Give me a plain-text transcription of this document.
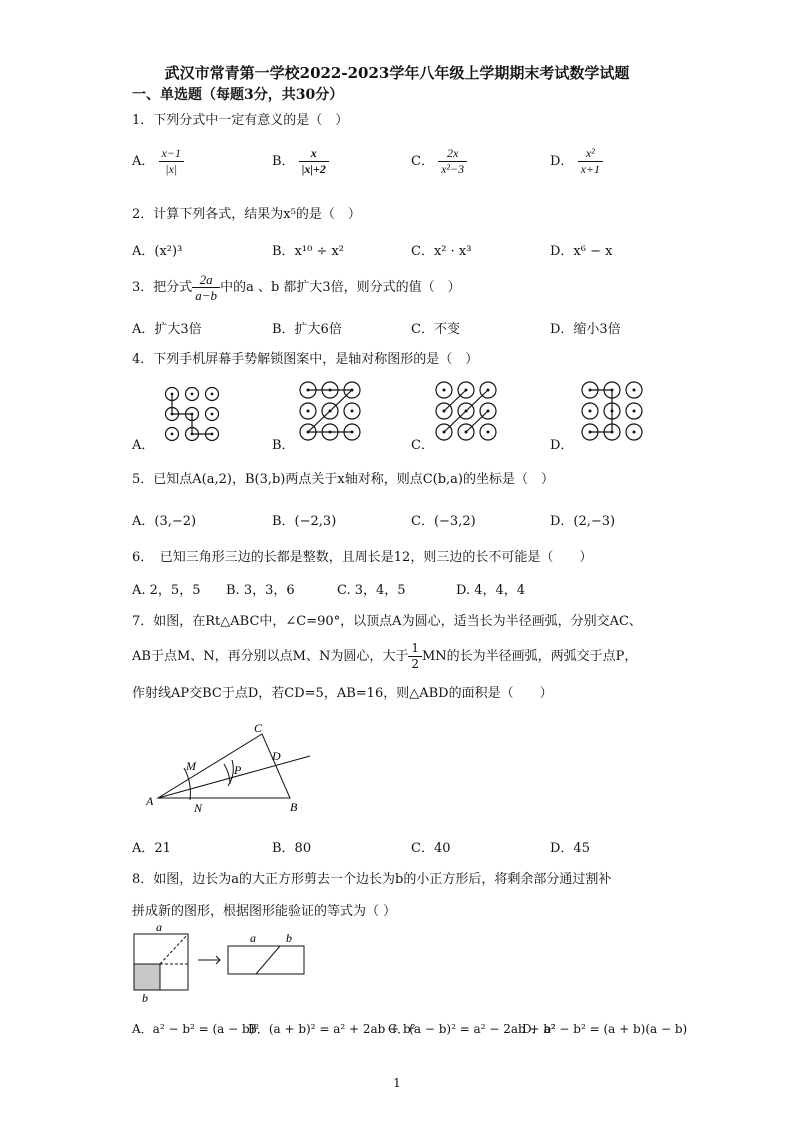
武汉市常青第一学校2022-2023学年八年级上学期期末考试数学试题
一、单选题（每题3分，共30分）
1．下列分式中一定有意义的是（　）
A． $\frac{x-1}{|x|}$	B． $\frac{x}{|x|+2}$	C． $\frac{2x}{\text{x²−3}}$	D． $\frac{\text{x²}}{x+1}$
2．计算下列各式，结果为x⁵的是（　）
A．(x²)³	B．x¹⁰ ÷ x²	C．x² · x³	D．x⁶ − x
3．把分式 $\frac{2a}{a-b}$ 中的a 、b 都扩大3倍，则分式的值（　）
A．扩大3倍	B．扩大6倍	C．不变	D．缩小3倍
4．下列手机屏幕手势解锁图案中，是轴对称图形的是（　）
A．	B．	C．	D．
5．已知点A(a,2)，B(3,b)两点关于x轴对称，则点C(b,a)的坐标是（　）
A．(3,−2)	B．(−2,3)	C．(−3,2)	D．(2,−3)
6．　已知三角形三边的长都是整数，且周长是12，则三边的长不可能是（　　）
A. 2，5，5 B. 3，3，6	C. 3，4，5	D. 4，4，4
7．如图，在Rt△ABC中，∠C=90°，以顶点A为圆心，适当长为半径画弧，分别交AC、
AB于点M、N，再分别以点M、N为圆心，大于 $\frac{1}{2}$ MN的长为半径画弧，两弧交于点P，
作射线AP交BC于点D，若CD=5，AB=16，则△ABD的面积是（　　）
A	B
C
D
M
N
P
A．21	B．80	C．40	D．45
8．如图，边长为a的大正方形剪去一个边长为b的小正方形后，将剩余部分通过割补
拼成新的图形，根据图形能验证的等式为（ ）
a
b
a	b
A．a² − b² = (a − b)²
B．(a + b)² = a² + 2ab + b²
C．(a − b)² = a² − 2ab + b²
D．a² − b² = (a + b)(a − b)
1
